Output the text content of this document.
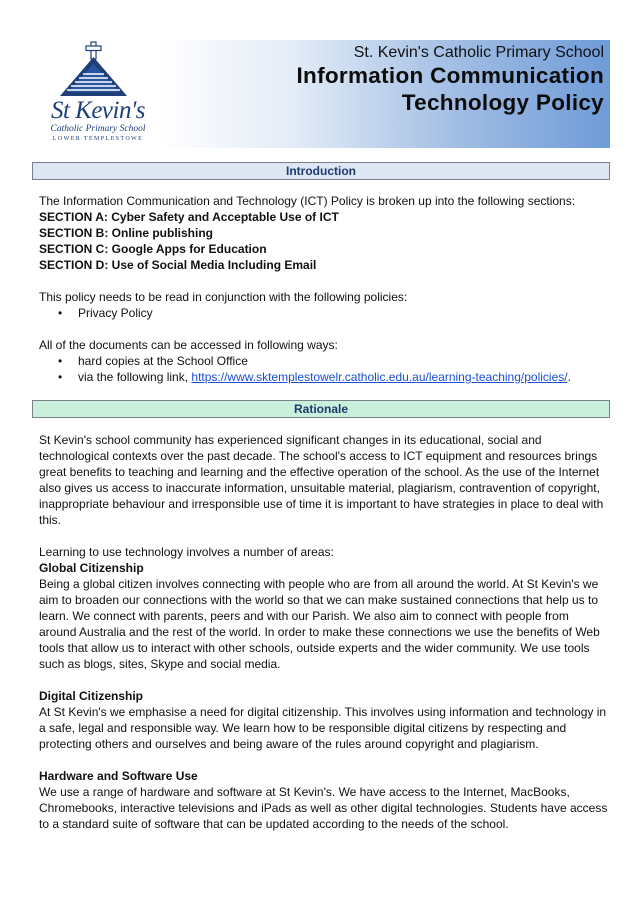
St Kevin's
Catholic Primary School
LOWER TEMPLESTOWE
St. Kevin's Catholic Primary School
Information Communication
Technology Policy
Introduction

The Information Communication and Technology (ICT) Policy is broken up into the following sections:

SECTION A: Cyber Safety and Acceptable Use of ICT

SECTION B: Online publishing

SECTION C: Google Apps for Education

SECTION D: Use of Social Media Including Email

This policy needs to be read in conjunction with the following policies:

• Privacy Policy

All of the documents can be accessed in following ways:

• hard copies at the School Office
• via the following link, https://www.sktemplestowelr.catholic.edu.au/learning-teaching/policies/.
Rationale

St Kevin's school community has experienced significant changes in its educational, social and technological contexts over the past decade. The school's access to ICT equipment and resources brings great benefits to teaching and learning and the effective operation of the school. As the use of the Internet also gives us access to inaccurate information, unsuitable material, plagiarism, contravention of copyright, inappropriate behaviour and irresponsible use of time it is important to have strategies in place to deal with this.

Learning to use technology involves a number of areas:

Global Citizenship

Being a global citizen involves connecting with people who are from all around the world. At St Kevin's we aim to broaden our connections with the world so that we can make sustained connections that help us to learn. We connect with parents, peers and with our Parish. We also aim to connect with people from around Australia and the rest of the world. In order to make these connections we use the benefits of Web tools that allow us to interact with other schools, outside experts and the wider community. We use tools such as blogs, sites, Skype and social media.

Digital Citizenship

At St Kevin's we emphasise a need for digital citizenship. This involves using information and technology in a safe, legal and responsible way. We learn how to be responsible digital citizens by respecting and protecting others and ourselves and being aware of the rules around copyright and plagiarism.

Hardware and Software Use

We use a range of hardware and software at St Kevin's. We have access to the Internet, MacBooks, Chromebooks, interactive televisions and iPads as well as other digital technologies. Students have access to a standard suite of software that can be updated according to the needs of the school.
